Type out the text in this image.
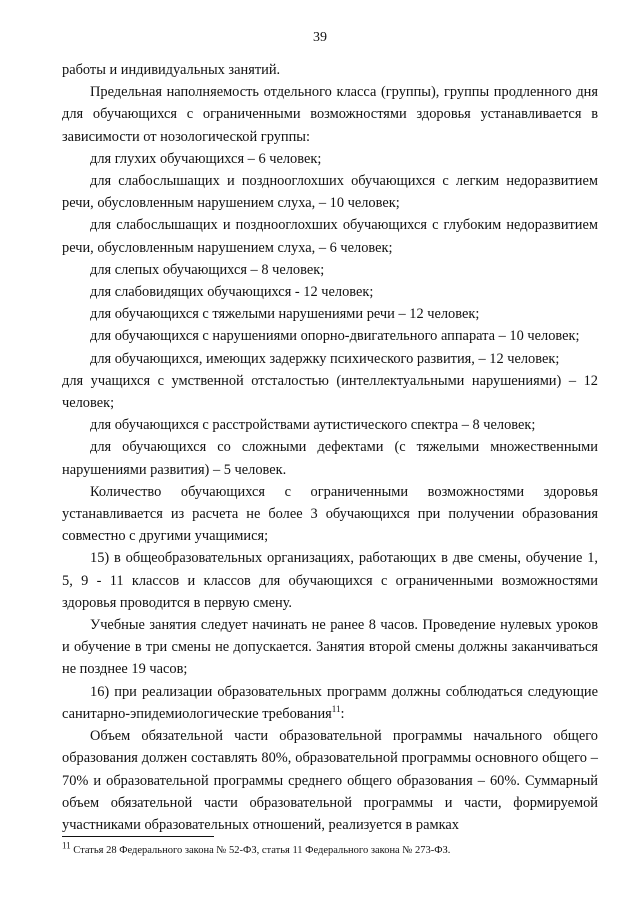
39

работы и индивидуальных занятий.

Предельная наполняемость отдельного класса (группы), группы продленного дня для обучающихся с ограниченными возможностями здоровья устанавливается в зависимости от нозологической группы:

для глухих обучающихся – 6 человек;

для слабослышащих и позднооглохших обучающихся с легким недоразвитием речи, обусловленным нарушением слуха, – 10 человек;

для слабослышащих и позднооглохших обучающихся с глубоким недоразвитием речи, обусловленным нарушением слуха, – 6 человек;

для слепых обучающихся – 8 человек;

для слабовидящих обучающихся - 12 человек;

для обучающихся с тяжелыми нарушениями речи – 12 человек;

для обучающихся с нарушениями опорно-двигательного аппарата – 10 человек;

для обучающихся, имеющих задержку психического развития, – 12 человек;

для учащихся с умственной отсталостью (интеллектуальными нарушениями) – 12 человек;

для обучающихся с расстройствами аутистического спектра – 8 человек;

для обучающихся со сложными дефектами (с тяжелыми множественными нарушениями развития) – 5 человек.

Количество обучающихся с ограниченными возможностями здоровья устанавливается из расчета не более 3 обучающихся при получении образования совместно с другими учащимися;

15) в общеобразовательных организациях, работающих в две смены, обучение 1, 5, 9 - 11 классов и классов для обучающихся с ограниченными возможностями здоровья проводится в первую смену.

Учебные занятия следует начинать не ранее 8 часов. Проведение нулевых уроков и обучение в три смены не допускается. Занятия второй смены должны заканчиваться не позднее 19 часов;

16) при реализации образовательных программ должны соблюдаться следующие санитарно-эпидемиологические требования$^{11}$:

Объем обязательной части образовательной программы начального общего образования должен составлять 80%, образовательной программы основного общего – 70% и образовательной программы среднего общего образования – 60%. Суммарный объем обязательной части образовательной программы и части, формируемой участниками образовательных отношений, реализуется в рамках

$^{11}$ Статья 28 Федерального закона № 52-ФЗ, статья 11 Федерального закона № 273-ФЗ.
